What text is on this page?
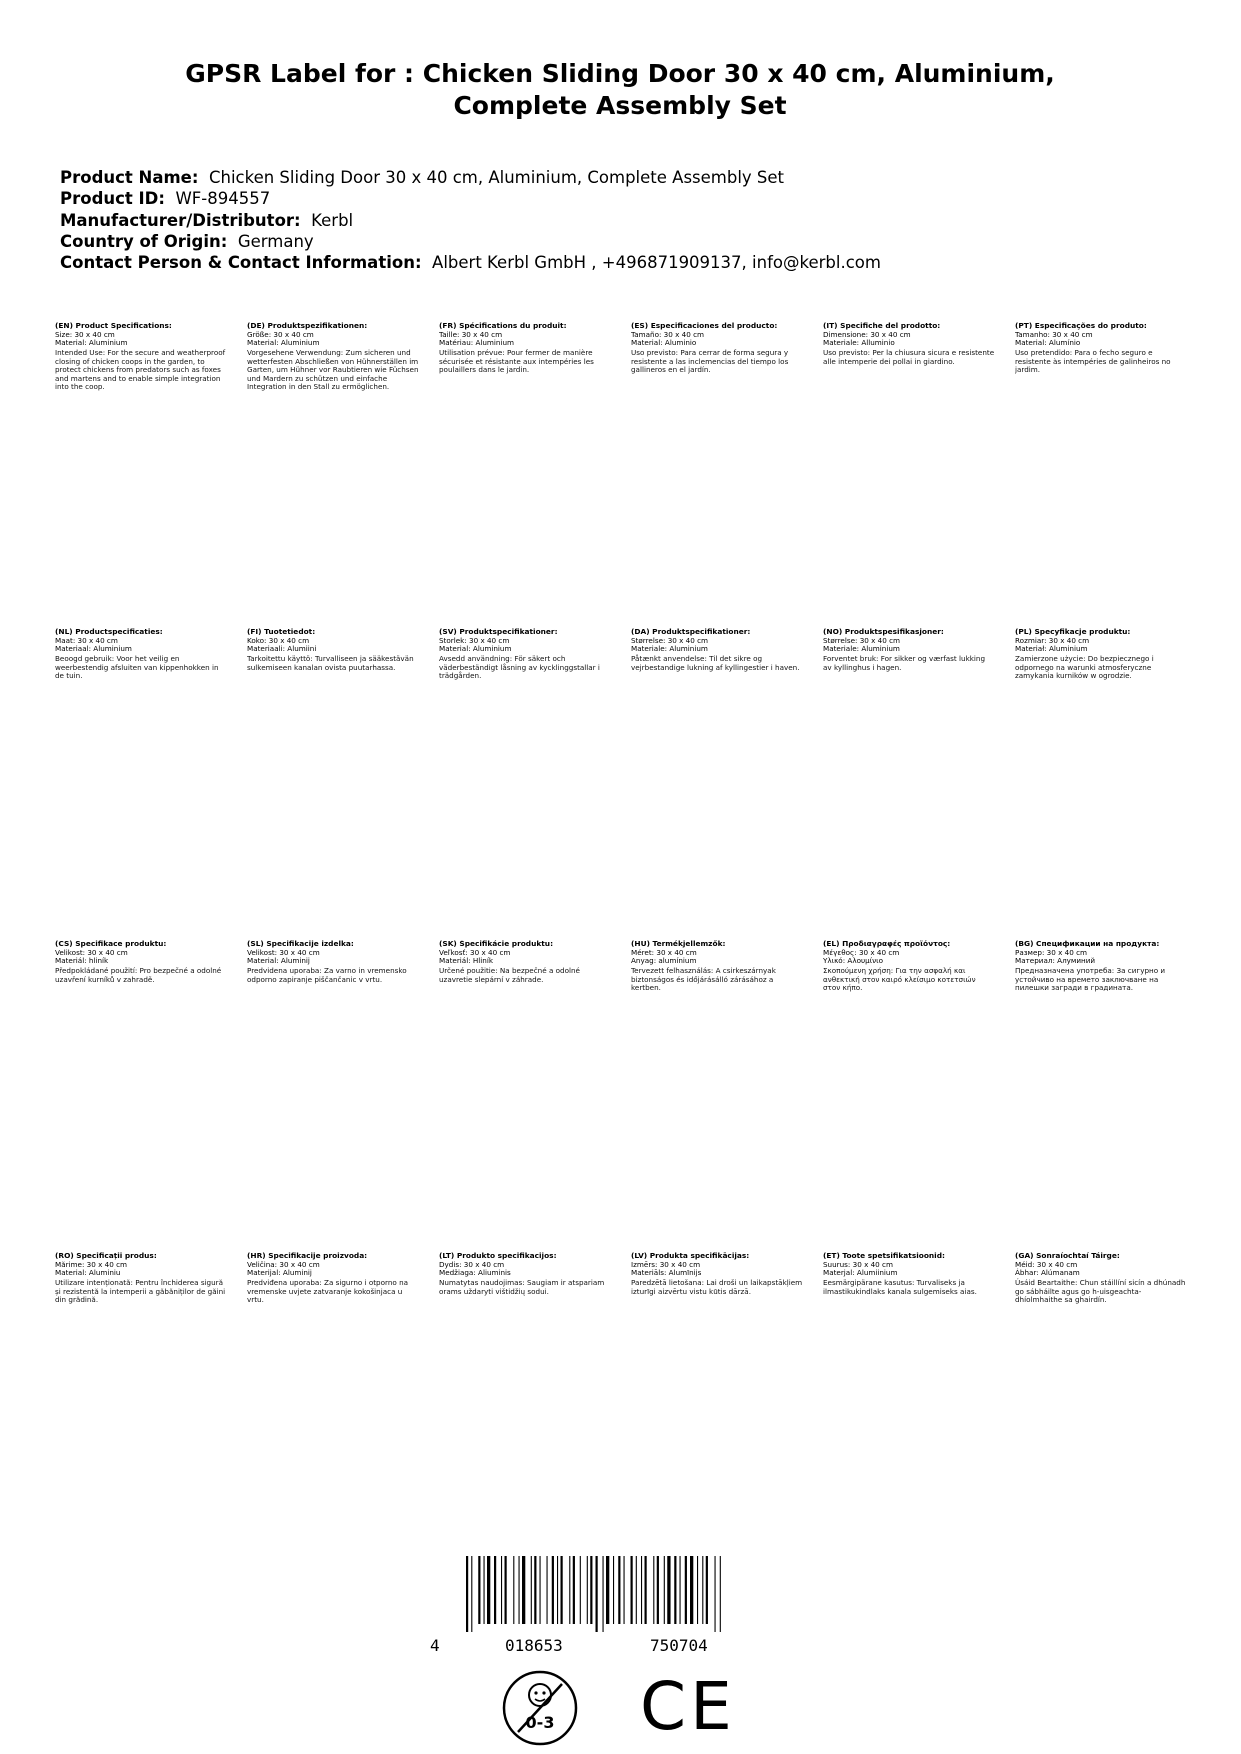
GPSR Label for : Chicken Sliding Door 30 x 40 cm, Aluminium,
Complete Assembly Set
Product Name: Chicken Sliding Door 30 x 40 cm, Aluminium, Complete Assembly Set
Product ID: WF-894557
Manufacturer/Distributor: Kerbl
Country of Origin: Germany
Contact Person & Contact Information: Albert Kerbl GmbH , +496871909137, info@kerbl.com
(EN) Product Specifications:
Size: 30 x 40 cm
Material: Aluminium
Intended Use: For the secure and weatherproof closing of chicken coops in the garden, to protect chickens from predators such as foxes and martens and to enable simple integration into the coop.
(DE) Produktspezifikationen:
Größe: 30 x 40 cm
Material: Aluminium
Vorgesehene Verwendung: Zum sicheren und wetterfesten Abschließen von Hühnerställen im Garten, um Hühner vor Raubtieren wie Füchsen und Mardern zu schützen und einfache Integration in den Stall zu ermöglichen.
(FR) Spécifications du produit:
Taille: 30 x 40 cm
Matériau: Aluminium
Utilisation prévue: Pour fermer de manière sécurisée et résistante aux intempéries les poulaillers dans le jardin.
(ES) Especificaciones del producto:
Tamaño: 30 x 40 cm
Material: Aluminio
Uso previsto: Para cerrar de forma segura y resistente a las inclemencias del tiempo los gallineros en el jardín.
(IT) Specifiche del prodotto:
Dimensione: 30 x 40 cm
Materiale: Alluminio
Uso previsto: Per la chiusura sicura e resistente alle intemperie dei pollai in giardino.
(PT) Especificações do produto:
Tamanho: 30 x 40 cm
Material: Alumínio
Uso pretendido: Para o fecho seguro e resistente às intempéries de galinheiros no jardim.
(NL) Productspecificaties:
Maat: 30 x 40 cm
Materiaal: Aluminium
Beoogd gebruik: Voor het veilig en weerbestendig afsluiten van kippenhokken in de tuin.
(FI) Tuotetiedot:
Koko: 30 x 40 cm
Materiaali: Alumiini
Tarkoitettu käyttö: Turvalliseen ja sääkestävän sulkemiseen kanalan ovista puutarhassa.
(SV) Produktspecifikationer:
Storlek: 30 x 40 cm
Material: Aluminium
Avsedd användning: För säkert och väderbeständigt låsning av kycklinggstallar i trädgården.
(DA) Produktspecifikationer:
Størrelse: 30 x 40 cm
Materiale: Aluminium
Påtænkt anvendelse: Til det sikre og vejrbestandige lukning af kyllingestier i haven.
(NO) Produktspesifikasjoner:
Størrelse: 30 x 40 cm
Materiale: Aluminium
Forventet bruk: For sikker og værfast lukking av kyllinghus i hagen.
(PL) Specyfikacje produktu:
Rozmiar: 30 x 40 cm
Materiał: Aluminium
Zamierzone użycie: Do bezpiecznego i odpornego na warunki atmosferyczne zamykania kurników w ogrodzie.
(CS) Specifikace produktu:
Velikost: 30 x 40 cm
Materiál: hliník
Předpokládané použití: Pro bezpečné a odolné uzavření kurníků v zahradě.
(SL) Specifikacije izdelka:
Velikost: 30 x 40 cm
Material: Aluminij
Predvidena uporaba: Za varno in vremensko odporno zapiranje piščančanic v vrtu.
(SK) Špecifikácie produktu:
Veľkosť: 30 x 40 cm
Materiál: Hliník
Určené použitie: Na bezpečné a odolné uzavretie slepární v záhrade.
(HU) Termékjellemzők:
Méret: 30 x 40 cm
Anyag: alumínium
Tervezett felhasználás: A csirkeszárnyak biztonságos és időjárásálló zárásához a kertben.
(EL) Προδιαγραφές προϊόντος:
Μέγεθος: 30 x 40 cm
Υλικό: Αλουμίνιο
Σκοπούμενη χρήση: Για την ασφαλή και ανθεκτική στον καιρό κλείσιμο κοτετσιών στον κήπο.
(BG) Спецификации на продукта:
Размер: 30 x 40 cm
Материал: Алуминий
Предназначена употреба: За сигурно и устойчиво на времето заключване на пилешки загради в градината.
(RO) Specificații produs:
Mărime: 30 x 40 cm
Material: Aluminiu
Utilizare intenționată: Pentru închiderea sigură și rezistentă la intemperii a găbăniților de găini din grădină.
(HR) Specifikacije proizvoda:
Veličina: 30 x 40 cm
Materijal: Aluminij
Predviđena uporaba: Za sigurno i otporno na vremenske uvjete zatvaranje kokošinjaca u vrtu.
(LT) Produkto specifikacijos:
Dydis: 30 x 40 cm
Medžiaga: Aliuminis
Numatytas naudojimas: Saugiam ir atspariam orams uždaryti vištidžių sodui.
(LV) Produkta specifikācijas:
Izmērs: 30 x 40 cm
Materiāls: Alumīnijs
Paredzētā lietošana: Lai droši un laikapstākļiem izturīgi aizvērtu vistu kūtis dārzā.
(ET) Toote spetsifikatsioonid:
Suurus: 30 x 40 cm
Materjal: Alumiinium
Eesmärgipärane kasutus: Turvaliseks ja ilmastikukindlaks kanala sulgemiseks aias.
(GA) Sonraíochtaí Táirge:
Méid: 30 x 40 cm
Ábhar: Alúmanam
Úsáid Beartaithe: Chun stáillíní sicín a dhúnadh go sábháilte agus go h-uisgeachta-dhíolmhaithe sa ghairdín.
4	018653	750704
0-3 CE
